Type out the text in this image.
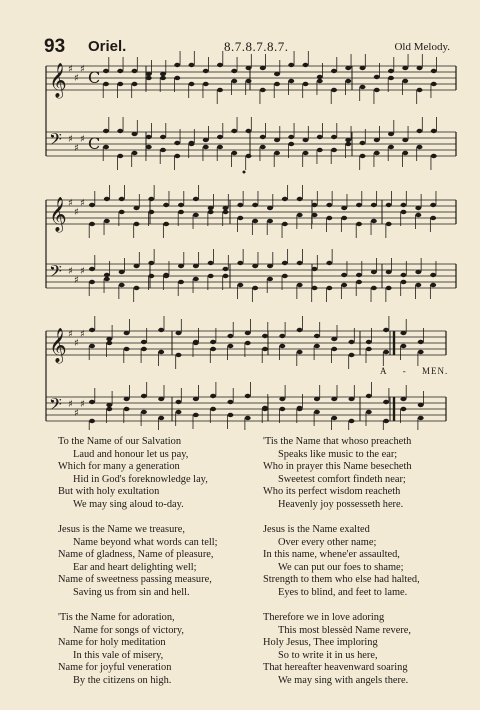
93 Oriel.	8.7.8.7.8.7.	Old Melody.
𝄞 ♯
♯
♯ C
𝄢 ♯
♯
♯ C
𝄞 ♯
♯
♯
𝄢 ♯
♯
♯
𝄞 ♯
♯
♯
𝄢 ♯
♯
♯
A - MEN.
To the Name of our Salvation
Laud and honour let us pay,
Which for many a generation
Hid in God's foreknowledge lay,
But with holy exultation
We may sing aloud to-day.
Jesus is the Name we treasure,
Name beyond what words can tell;
Name of gladness, Name of pleasure,
Ear and heart delighting well;
Name of sweetness passing measure,
Saving us from sin and hell.
'Tis the Name for adoration,
Name for songs of victory,
Name for holy meditation
In this vale of misery,
Name for joyful veneration
By the citizens on high.
'Tis the Name that whoso preacheth
Speaks like music to the ear;
Who in prayer this Name besecheth
Sweetest comfort findeth near;
Who its perfect wisdom reacheth
Heavenly joy possesseth here.
Jesus is the Name exalted
Over every other name;
In this name, whene'er assaulted,
We can put our foes to shame;
Strength to them who else had halted,
Eyes to blind, and feet to lame.
Therefore we in love adoring
This most blessèd Name revere,
Holy Jesus, Thee imploring
So to write it in us here,
That hereafter heavenward soaring
We may sing with angels there.
